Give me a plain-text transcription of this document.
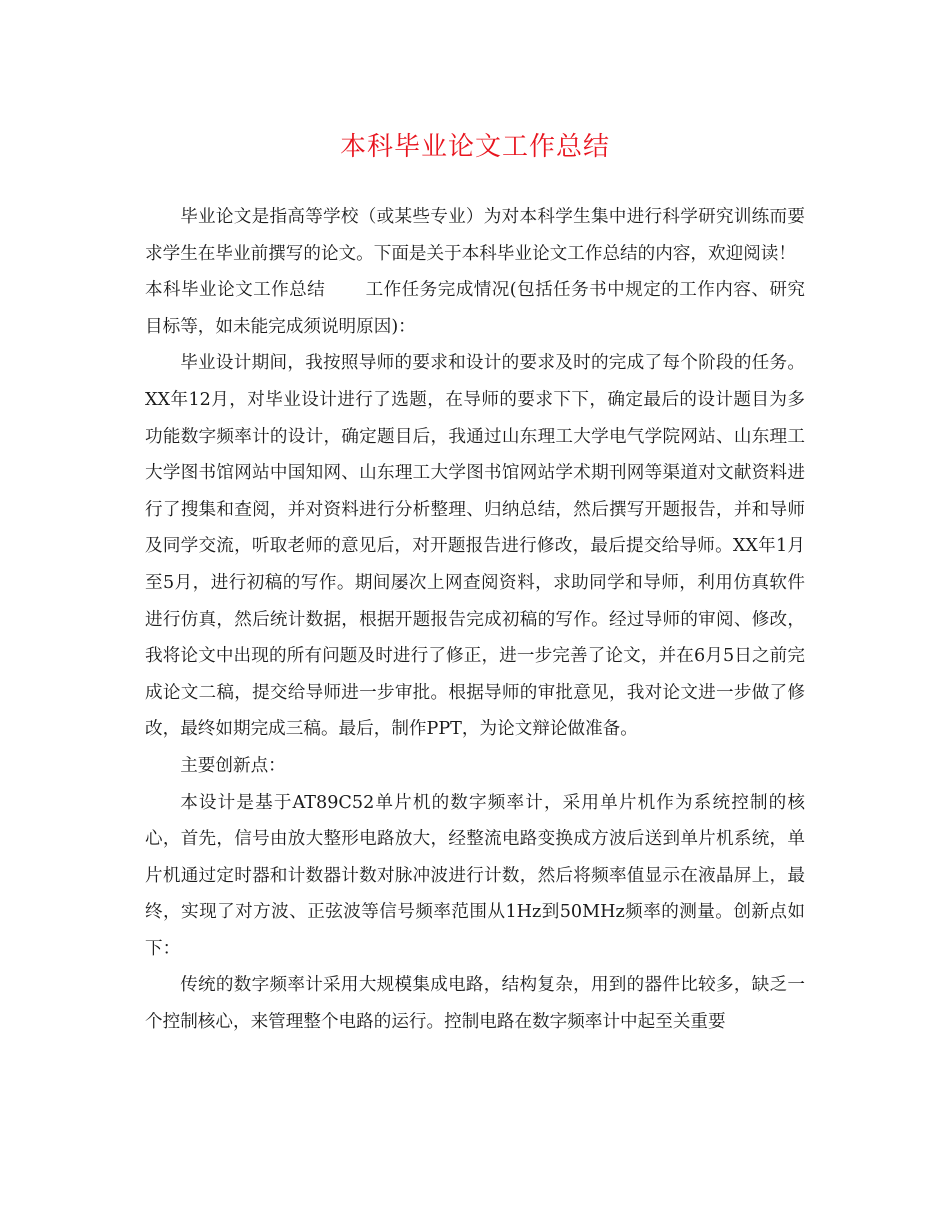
本科毕业论文工作总结

毕业论文是指高等学校（或某些专业）为对本科学生集中进行科学研究训练而要求学生在毕业前撰写的论文。下面是关于本科毕业论文工作总结的内容，欢迎阅读！

本科毕业论文工作总结 工作任务完成情况(包括任务书中规定的工作内容、研究目标等，如未能完成须说明原因)：

毕业设计期间，我按照导师的要求和设计的要求及时的完成了每个阶段的任务。XX年12月，对毕业设计进行了选题，在导师的要求下下，确定最后的设计题目为多功能数字频率计的设计，确定题目后，我通过山东理工大学电气学院网站、山东理工大学图书馆网站中国知网、山东理工大学图书馆网站学术期刊网等渠道对文献资料进行了搜集和查阅，并对资料进行分析整理、归纳总结，然后撰写开题报告，并和导师及同学交流，听取老师的意见后，对开题报告进行修改，最后提交给导师。XX年1月至5月，进行初稿的写作。期间屡次上网查阅资料，求助同学和导师，利用仿真软件进行仿真，然后统计数据，根据开题报告完成初稿的写作。经过导师的审阅、修改，我将论文中出现的所有问题及时进行了修正，进一步完善了论文，并在6月5日之前完成论文二稿，提交给导师进一步审批。根据导师的审批意见，我对论文进一步做了修改，最终如期完成三稿。最后，制作PPT，为论文辩论做准备。

主要创新点：

本设计是基于AT89C52单片机的数字频率计，采用单片机作为系统控制的核心，首先，信号由放大整形电路放大，经整流电路变换成方波后送到单片机系统，单片机通过定时器和计数器计数对脉冲波进行计数，然后将频率值显示在液晶屏上，最终，实现了对方波、正弦波等信号频率范围从1Hz到50MHz频率的测量。创新点如下：

传统的数字频率计采用大规模集成电路，结构复杂，用到的器件比较多，缺乏一个控制核心，来管理整个电路的运行。控制电路在数字频率计中起至关重要
